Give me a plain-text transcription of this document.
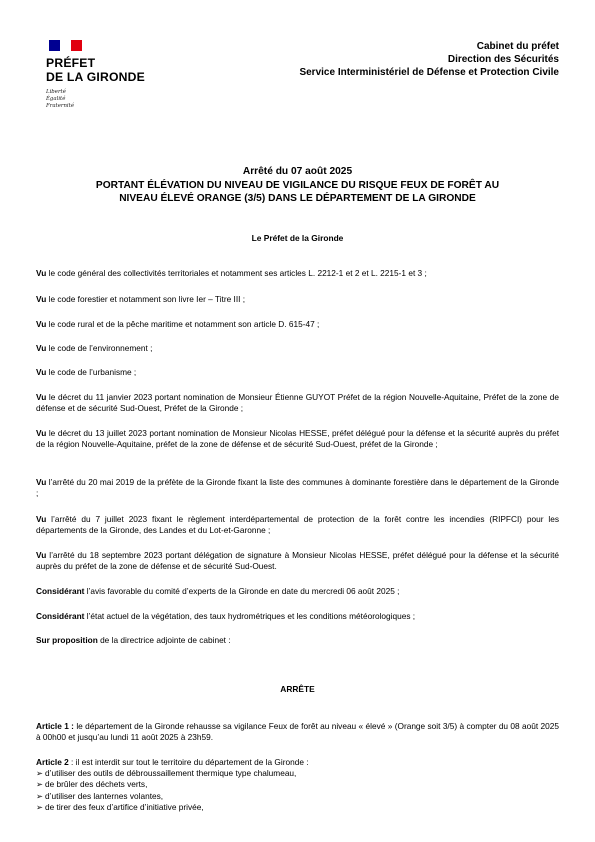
PRÉFET
DE LA GIRONDE
Liberté
Égalité
Fraternité
Cabinet du préfet
Direction des Sécurités
Service Interministériel de Défense et Protection Civile
Arrêté du 07 août 2025
PORTANT ÉLÉVATION DU NIVEAU DE VIGILANCE DU RISQUE FEUX DE FORÊT AU
NIVEAU ÉLEVÉ ORANGE (3/5) DANS LE DÉPARTEMENT DE LA GIRONDE
Le Préfet de la Gironde
Vu le code général des collectivités territoriales et notamment ses articles L. 2212-1 et 2 et L. 2215-1 et 3 ;
Vu le code forestier et notamment son livre Ier – Titre III ;
Vu le code rural et de la pêche maritime et notamment son article D. 615-47 ;
Vu le code de l’environnement ;
Vu le code de l’urbanisme ;
Vu le décret du 11 janvier 2023 portant nomination de Monsieur Étienne GUYOT Préfet de la région Nouvelle-Aquitaine, Préfet de la zone de défense et de sécurité Sud-Ouest, Préfet de la Gironde ;
Vu le décret du 13 juillet 2023 portant nomination de Monsieur Nicolas HESSE, préfet délégué pour la défense et la sécurité auprès du préfet de la région Nouvelle-Aquitaine, préfet de la zone de défense et de sécurité Sud-Ouest, préfet de la Gironde ;
Vu l’arrêté du 20 mai 2019 de la préfète de la Gironde fixant la liste des communes à dominante forestière dans le département de la Gironde ;
Vu l’arrêté du 7 juillet 2023 fixant le règlement interdépartemental de protection de la forêt contre les incendies (RIPFCI) pour les départements de la Gironde, des Landes et du Lot-et-Garonne ;
Vu l’arrêté du 18 septembre 2023 portant délégation de signature à Monsieur Nicolas HESSE, préfet délégué pour la défense et la sécurité auprès du préfet de la zone de défense et de sécurité Sud-Ouest.
Considérant l’avis favorable du comité d’experts de la Gironde en date du mercredi 06 août 2025 ;
Considérant l’état actuel de la végétation, des taux hydrométriques et les conditions météorologiques ;
Sur proposition de la directrice adjointe de cabinet :
ARRÊTE
Article 1 : le département de la Gironde rehausse sa vigilance Feux de forêt au niveau « élevé » (Orange soit 3/5) à compter du 08 août 2025 à 00h00 et jusqu’au lundi 11 août 2025 à 23h59.
Article 2 : il est interdit sur tout le territoire du département de la Gironde :
➢ d’utiliser des outils de débroussaillement thermique type chalumeau,
➢ de brûler des déchets verts,
➢ d’utiliser des lanternes volantes,
➢ de tirer des feux d’artifice d’initiative privée,
